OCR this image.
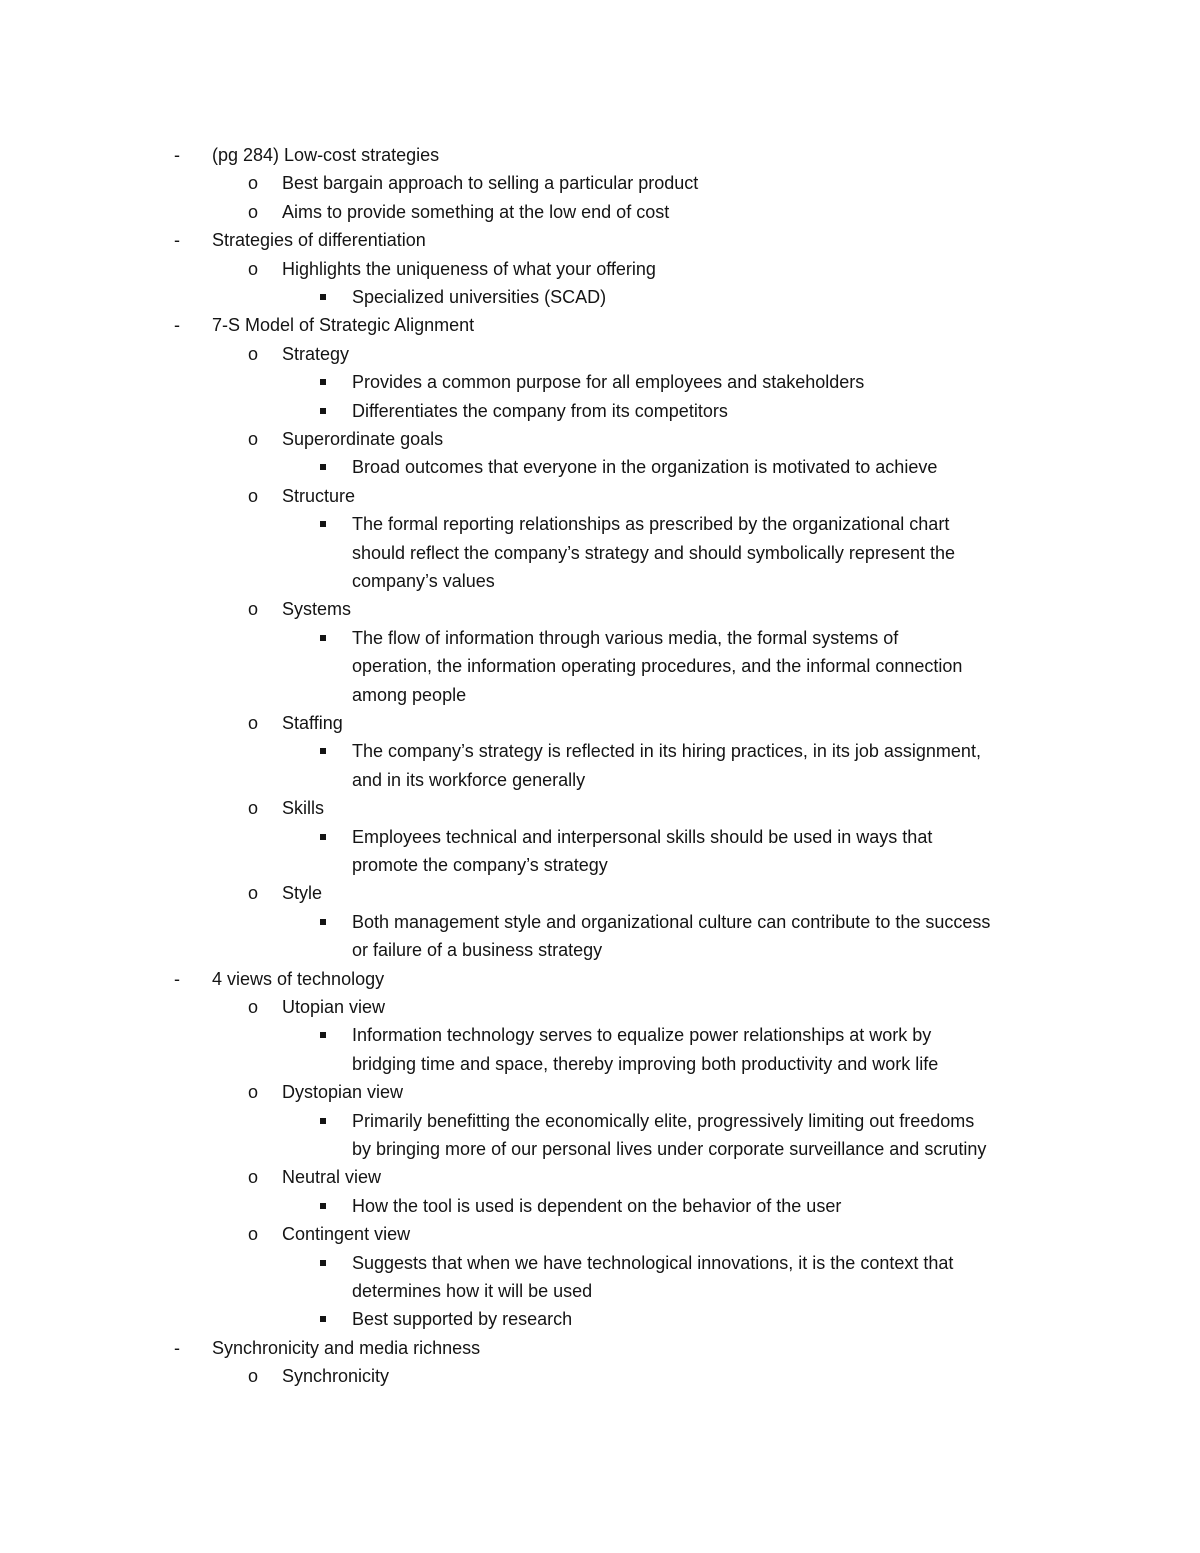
- (pg 284) Low-cost strategies
o Best bargain approach to selling a particular product
o Aims to provide something at the low end of cost
- Strategies of differentiation
o Highlights the uniqueness of what your offering
Specialized universities (SCAD)
- 7-S Model of Strategic Alignment
o Strategy
Provides a common purpose for all employees and stakeholders
Differentiates the company from its competitors
o Superordinate goals
Broad outcomes that everyone in the organization is motivated to achieve
o Structure
The formal reporting relationships as prescribed by the organizational chart
should reflect the company’s strategy and should symbolically represent the
company’s values
o Systems
The flow of information through various media, the formal systems of
operation, the information operating procedures, and the informal connection
among people
o Staffing
The company’s strategy is reflected in its hiring practices, in its job assignment,
and in its workforce generally
o Skills
Employees technical and interpersonal skills should be used in ways that
promote the company’s strategy
o Style
Both management style and organizational culture can contribute to the success
or failure of a business strategy
- 4 views of technology
o Utopian view
Information technology serves to equalize power relationships at work by
bridging time and space, thereby improving both productivity and work life
o Dystopian view
Primarily benefitting the economically elite, progressively limiting out freedoms
by bringing more of our personal lives under corporate surveillance and scrutiny
o Neutral view
How the tool is used is dependent on the behavior of the user
o Contingent view
Suggests that when we have technological innovations, it is the context that
determines how it will be used
Best supported by research
- Synchronicity and media richness
o Synchronicity
